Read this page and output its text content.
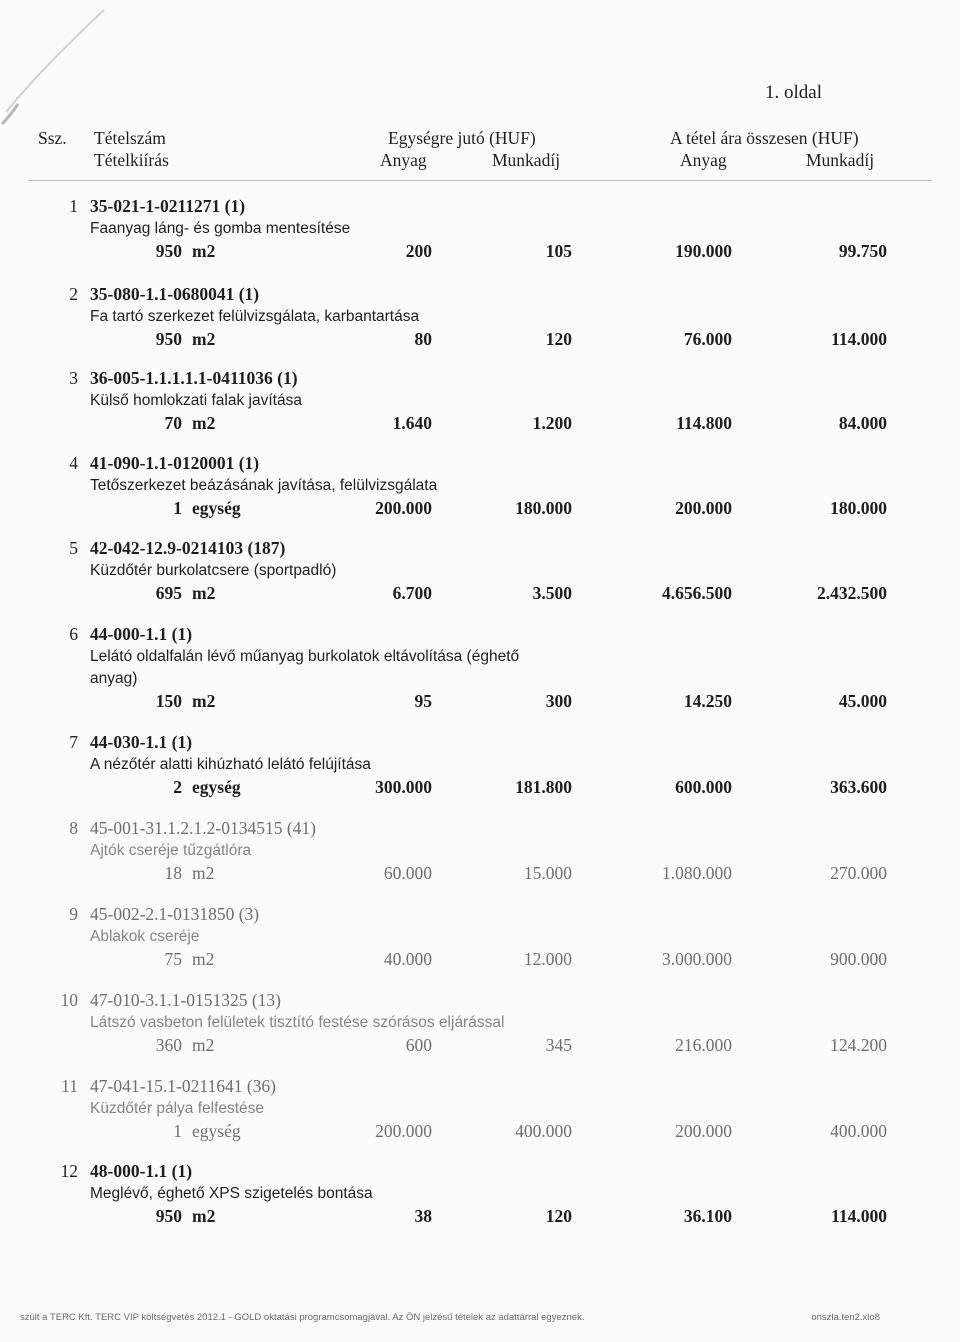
1. oldal
Ssz. Tételszám
Tételkiírás
Egységre jutó (HUF)	A tétel ára összesen (HUF)
Anyag	Munkadíj	Anyag	Munkadíj
1 35-021-1-0211271 (1)
Faanyag láng- és gomba mentesítése
950 m2	200	105	190.000	99.750
2 35-080-1.1-0680041 (1)
Fa tartó szerkezet felülvizsgálata, karbantartása
950 m2	80	120	76.000	114.000
3 36-005-1.1.1.1.1-0411036 (1)
Külső homlokzati falak javítása
70 m2	1.640	1.200	114.800	84.000
4 41-090-1.1-0120001 (1)
Tetőszerkezet beázásának javítása, felülvizsgálata
1 egység	200.000	180.000	200.000	180.000
5 42-042-12.9-0214103 (187)
Küzdőtér burkolatcsere (sportpadló)
695 m2	6.700	3.500	4.656.500	2.432.500
6 44-000-1.1 (1)
Lelátó oldalfalán lévő műanyag burkolatok eltávolítása (éghető anyag)
150 m2	95	300	14.250	45.000
7 44-030-1.1 (1)
A nézőtér alatti kihúzható lelátó felújítása
2 egység	300.000	181.800	600.000	363.600
8 45-001-31.1.2.1.2-0134515 (41)
Ajtók cseréje tűzgátlóra
18 m2	60.000	15.000	1.080.000	270.000
9 45-002-2.1-0131850 (3)
Ablakok cseréje
75 m2	40.000	12.000	3.000.000	900.000
10 47-010-3.1.1-0151325 (13)
Látszó vasbeton felületek tisztító festése szórásos eljárással
360 m2	600	345	216.000	124.200
11 47-041-15.1-0211641 (36)
Küzdőtér pálya felfestése
1 egység	200.000	400.000	200.000	400.000
12 48-000-1.1 (1)
Meglévő, éghető XPS szigetelés bontása
950 m2	38	120	36.100	114.000
szült a TERC Kft. TERC VIP költségvetés 2012.1 - GOLD oktatási programcsomagjával. Az ÖN jelzésű tételek az adattárral egyeznek.	onszla.ten2.xlo8
